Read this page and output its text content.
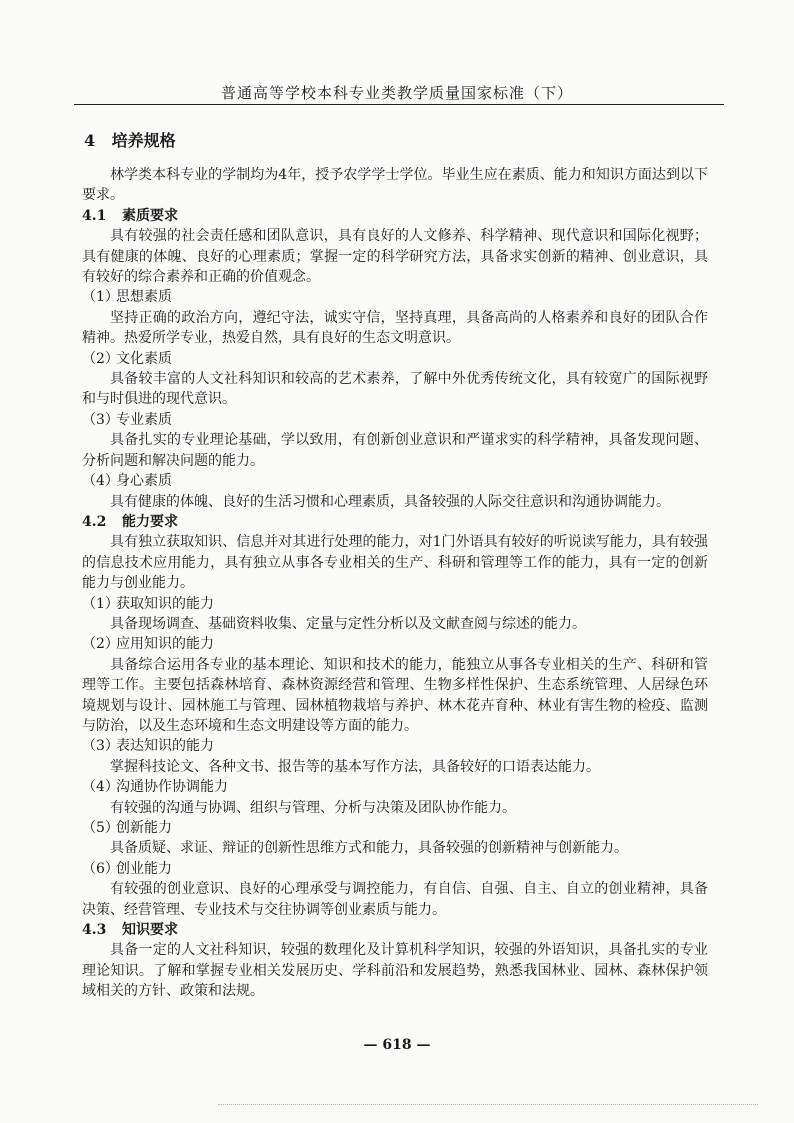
普通高等学校本科专业类教学质量国家标准（下）
4 培养规格

林学类本科专业的学制均为4年，授予农学学士学位。毕业生应在素质、能力和知识方面达到以下要求。

4.1 素质要求

具有较强的社会责任感和团队意识，具有良好的人文修养、科学精神、现代意识和国际化视野；具有健康的体魄、良好的心理素质；掌握一定的科学研究方法，具备求实创新的精神、创业意识，具有较好的综合素养和正确的价值观念。

（1）思想素质

坚持正确的政治方向，遵纪守法，诚实守信，坚持真理，具备高尚的人格素养和良好的团队合作精神。热爱所学专业，热爱自然，具有良好的生态文明意识。

（2）文化素质

具备较丰富的人文社科知识和较高的艺术素养，了解中外优秀传统文化，具有较宽广的国际视野和与时俱进的现代意识。

（3）专业素质

具备扎实的专业理论基础，学以致用，有创新创业意识和严谨求实的科学精神，具备发现问题、分析问题和解决问题的能力。

（4）身心素质

具有健康的体魄、良好的生活习惯和心理素质，具备较强的人际交往意识和沟通协调能力。

4.2 能力要求

具有独立获取知识、信息并对其进行处理的能力，对1门外语具有较好的听说读写能力，具有较强的信息技术应用能力，具有独立从事各专业相关的生产、科研和管理等工作的能力，具有一定的创新能力与创业能力。

（1）获取知识的能力

具备现场调查、基础资料收集、定量与定性分析以及文献查阅与综述的能力。

（2）应用知识的能力

具备综合运用各专业的基本理论、知识和技术的能力，能独立从事各专业相关的生产、科研和管理等工作。主要包括森林培育、森林资源经营和管理、生物多样性保护、生态系统管理、人居绿色环境规划与设计、园林施工与管理、园林植物栽培与养护、林木花卉育种、林业有害生物的检疫、监测与防治，以及生态环境和生态文明建设等方面的能力。

（3）表达知识的能力

掌握科技论文、各种文书、报告等的基本写作方法，具备较好的口语表达能力。

（4）沟通协作协调能力

有较强的沟通与协调、组织与管理、分析与决策及团队协作能力。

（5）创新能力

具备质疑、求证、辩证的创新性思维方式和能力，具备较强的创新精神与创新能力。

（6）创业能力

有较强的创业意识、良好的心理承受与调控能力，有自信、自强、自主、自立的创业精神，具备决策、经营管理、专业技术与交往协调等创业素质与能力。

4.3 知识要求

具备一定的人文社科知识，较强的数理化及计算机科学知识，较强的外语知识，具备扎实的专业理论知识。了解和掌握专业相关发展历史、学科前沿和发展趋势，熟悉我国林业、园林、森林保护领域相关的方针、政策和法规。

— 618 —
